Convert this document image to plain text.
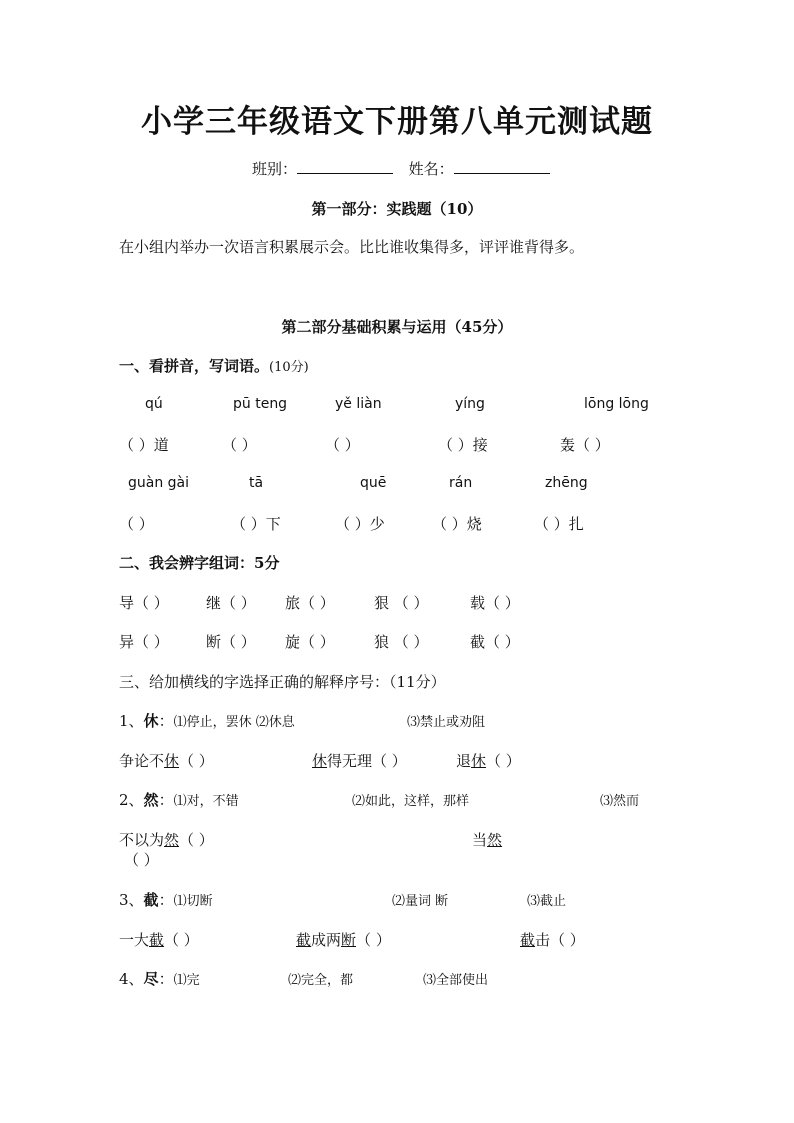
小学三年级语文下册第八单元测试题
班别：	姓名：
第一部分：实践题（10）
在小组内举办一次语言积累展示会。比比谁收集得多，评评谁背得多。
第二部分基础积累与运用（45分）
一、看拼音，写词语。(10分)
qú	pū teng	yě liàn	yíng	lōng lōng
（ ）道	（ ）	（ ）	（ ）接	轰（ ）
guàn gài	tā	quē	rán	zhēng
（ ）	（ ）下	（ ）少	（ ）烧	（ ）扎
二、我会辨字组词：5分
导（ ） 继（ ） 旅（ ）	狠 （ ）	载（ ）
异（ ） 断（ ） 旋（ ）	狼 （ ）	截（ ）
三、给加横线的字选择正确的解释序号：（11分）
1、休：⑴停止，罢休 ⑵休息	⑶禁止或劝阻
争论不休（ ）	休得无理（ ）	退休（ ）
2、然：⑴对，不错	⑵如此，这样，那样	⑶然而
不以为然（ ）	当然
（ ）
3、截：⑴切断	⑵量词 断	⑶截止
一大截（ ）	截成两断（ ）	截击（ ）
4、尽：⑴完	⑵完全，都	⑶全部使出
